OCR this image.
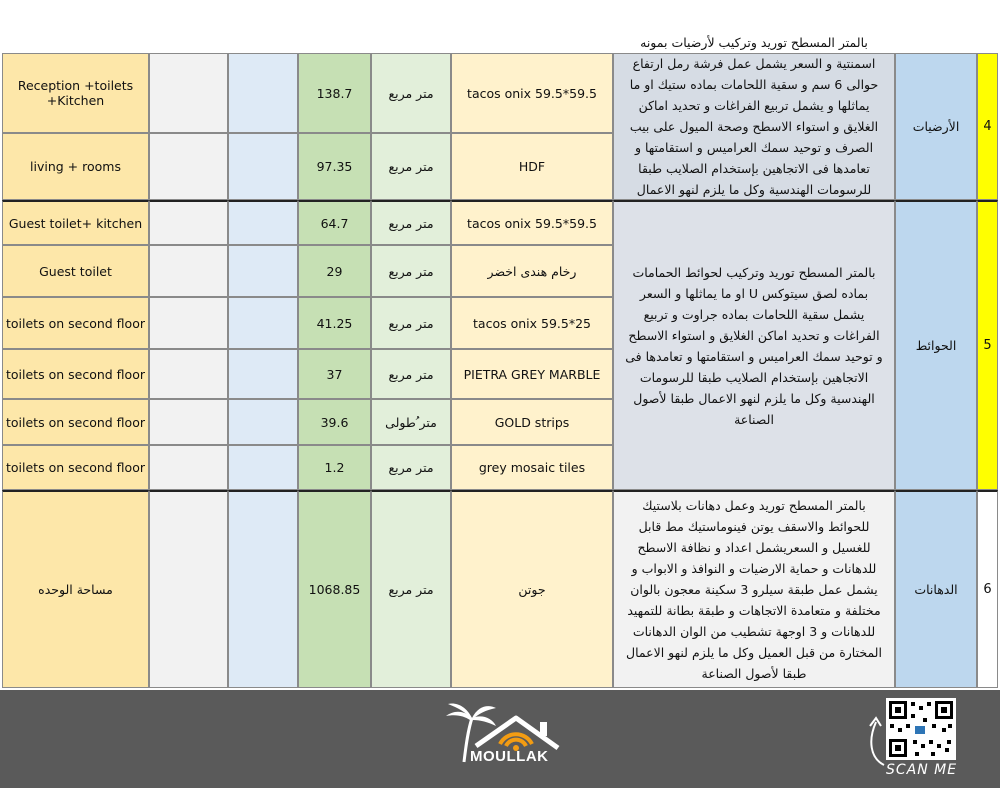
Reception +toilets +Kitchen	138.7	متر مربع	tacos onix 59.5*59.5
living + rooms	97.35	متر مربع	HDF
بالمتر المسطح توريد وتركيب لأرضيات بمونه اسمنتية و السعر يشمل عمل فرشة رمل ارتفاع حوالى 6 سم و سقية اللحامات بماده ستيك او ما يماثلها و يشمل تربيع الفراغات و تحديد اماكن الغلايق و استواء الاسطح وصحة الميول على بيب الصرف و توحيد سمك العراميس و استقامتها و تعامدها فى الاتجاهين بإستخدام الصلايب طبقا للرسومات الهندسية وكل ما يلزم لنهو الاعمال
الأرضيات	4
Guest toilet+ kitchen	64.7	متر مربع	tacos onix 59.5*59.5
Guest toilet	29	متر مربع	رخام هندى اخضر
toilets on second floor	41.25	متر مربع	tacos onix 59.5*25
toilets on second floor	37	متر مربع	PIETRA GREY MARBLE
toilets on second floor	39.6	متر ُطولى	GOLD strips
toilets on second floor	1.2	متر مربع	grey mosaic tiles
بالمتر المسطح توريد وتركيب لحوائط الحمامات بماده لصق سيتوكس U او ما يماثلها و السعر يشمل سقية اللحامات بماده جراوت و تربيع الفراغات و تحديد اماكن الغلايق و استواء الاسطح و توحيد سمك العراميس و استقامتها و تعامدها فى الاتجاهين بإستخدام الصلايب طبقا للرسومات الهندسية وكل ما يلزم لنهو الاعمال طبقا لأصول الصناعة
الحوائط	5
مساحة الوحده	1068.85	متر مربع	جوتن
بالمتر المسطح توريد وعمل دهانات بلاستيك للحوائط والاسقف يوتن فينوماستيك مط قابل للغسيل و السعريشمل اعداد و نظافة الاسطح للدهانات و حماية الارضيات و النوافذ و الابواب و يشمل عمل طبقة سيلرو 3 سكينة معجون بالوان مختلفة و متعامدة الاتجاهات و طبقة بطانة للتمهيد للدهانات و 3 اوجهة تشطيب من الوان الدهانات المختارة من قبل العميل وكل ما يلزم لنهو الاعمال طبقا لأصول الصناعة
الدهانات	6
MOULLAK
SCAN ME
